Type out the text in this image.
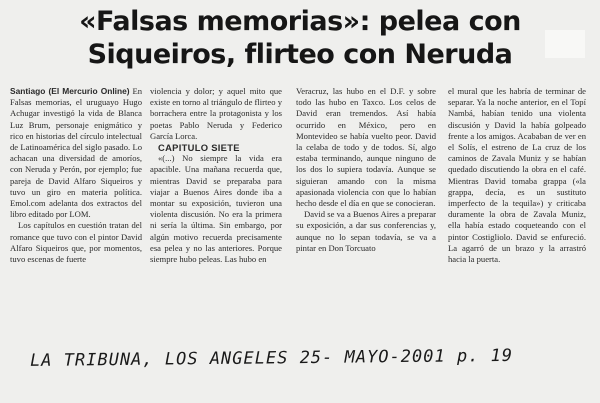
«Falsas memorias»: pelea con
Siqueiros, flirteo con Neruda

Santiago (El Mercurio Online) En Falsas memorias, el uruguayo Hugo Achugar investigó la vida de Blanca Luz Brum, personaje enigmático y rico en historias del círculo intelectual de Latinoamérica del siglo pasado. Lo achacan una diversidad de amoríos, con Neruda y Perón, por ejemplo; fue pareja de David Alfaro Siqueiros y tuvo un giro en materia política. Emol.com adelanta dos extractos del libro editado por LOM.

Los capítulos en cuestión tratan del romance que tuvo con el pintor David Alfaro Siqueiros que, por momentos, tuvo escenas de fuerte

violencia y dolor; y aquel mito que existe en torno al triángulo de flirteo y borrachera entre la protagonista y los poetas Pablo Neruda y Federico García Lorca.

CAPITULO SIETE

«(...) No siempre la vida era apacible. Una mañana recuerda que, mientras David se preparaba para viajar a Buenos Aires donde iba a montar su exposición, tuvieron una violenta discusión. No era la primera ni sería la última. Sin embargo, por algún motivo recuerda precisamente esa pelea y no las anteriores. Porque siempre hubo peleas. Las hubo en

Veracruz, las hubo en el D.F. y sobre todo las hubo en Taxco. Los celos de David eran tremendos. Así había ocurrido en México, pero en Montevideo se había vuelto peor. David la celaba de todo y de todos. Sí, algo estaba terminando, aunque ninguno de los dos lo supiera todavía. Aunque se siguieran amando con la misma apasionada violencia con que lo habían hecho desde el día en que se conocieran.

David se va a Buenos Aires a preparar su exposición, a dar sus conferencias y, aunque no lo sepan todavía, se va a pintar en Don Torcuato

el mural que les habría de terminar de separar. Ya la noche anterior, en el Topí Nambá, habían tenido una violenta discusión y David la había golpeado frente a los amigos. Acababan de ver en el Solís, el estreno de La cruz de los caminos de Zavala Muniz y se habían quedado discutiendo la obra en el café. Mientras David tomaba grappa («la grappa, decía, es un sustituto imperfecto de la tequila») y criticaba duramente la obra de Zavala Muniz, ella había estado coqueteando con el pintor Costigliolo. David se enfureció. La agarró de un brazo y la arrastró hacia la puerta.

LA TRIBUNA, LOS ANGELES 25- MAYO-2001 p. 19
